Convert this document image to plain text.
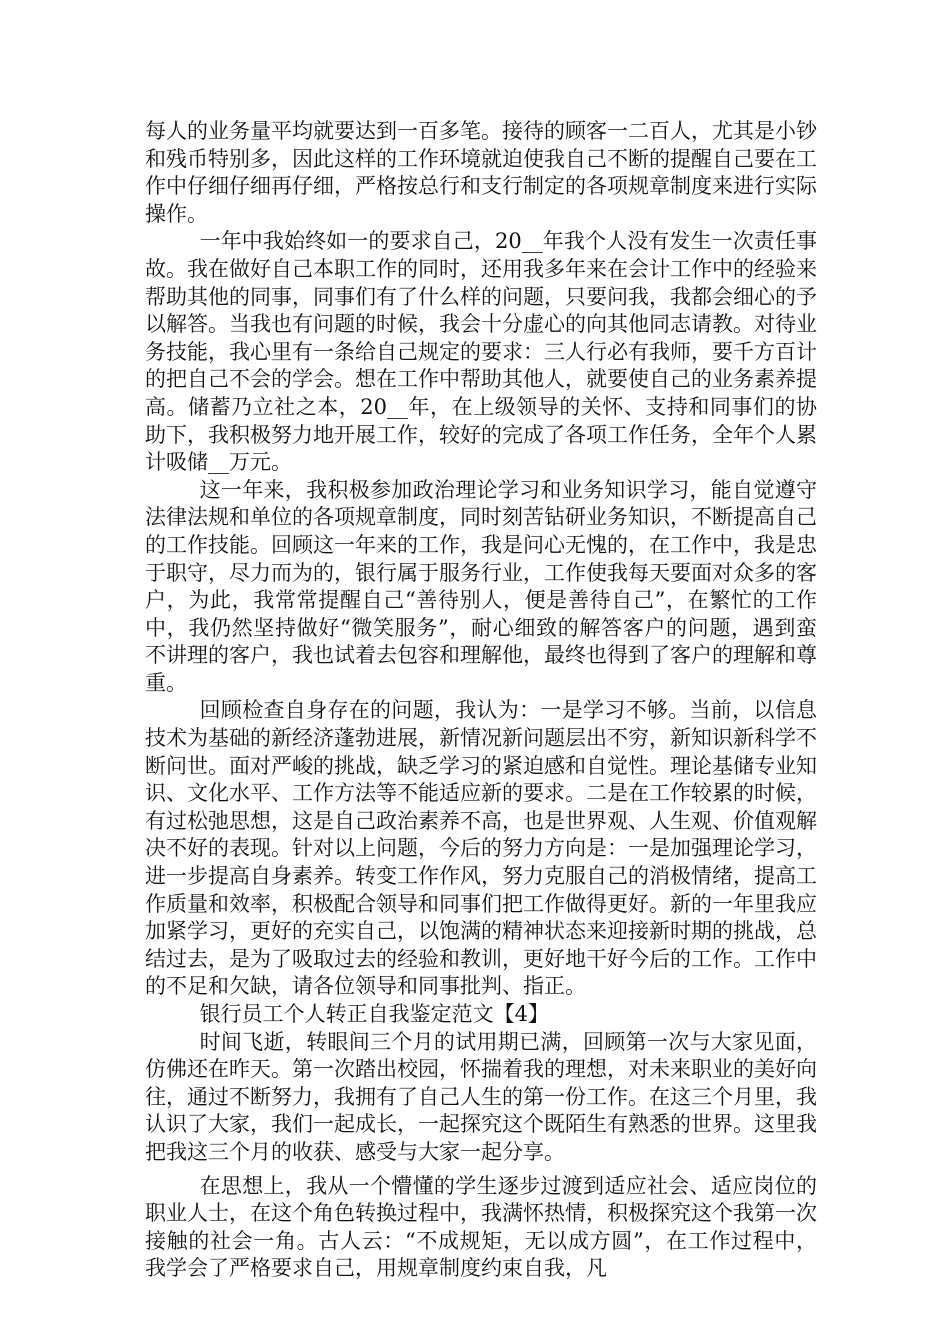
每人的业务量平均就要达到一百多笔。接待的顾客一二百人，尤其是小钞和残币特别多，因此这样的工作环境就迫使我自己不断的提醒自己要在工作中仔细仔细再仔细，严格按总行和支行制定的各项规章制度来进行实际操作。

一年中我始终如一的要求自己，20__年我个人没有发生一次责任事故。我在做好自己本职工作的同时，还用我多年来在会计工作中的经验来帮助其他的同事，同事们有了什么样的问题，只要问我，我都会细心的予以解答。当我也有问题的时候，我会十分虚心的向其他同志请教。对待业务技能，我心里有一条给自己规定的要求：三人行必有我师，要千方百计的把自己不会的学会。想在工作中帮助其他人，就要使自己的业务素养提高。储蓄乃立社之本，20__年，在上级领导的关怀、支持和同事们的协助下，我积极努力地开展工作，较好的完成了各项工作任务，全年个人累计吸储__万元。

这一年来，我积极参加政治理论学习和业务知识学习，能自觉遵守法律法规和单位的各项规章制度，同时刻苦钻研业务知识，不断提高自己的工作技能。回顾这一年来的工作，我是问心无愧的，在工作中，我是忠于职守，尽力而为的，银行属于服务行业，工作使我每天要面对众多的客户，为此，我常常提醒自己“善待别人，便是善待自己”，在繁忙的工作中，我仍然坚持做好“微笑服务”，耐心细致的解答客户的问题，遇到蛮不讲理的客户，我也试着去包容和理解他，最终也得到了客户的理解和尊重。

回顾检查自身存在的问题，我认为：一是学习不够。当前，以信息技术为基础的新经济蓬勃进展，新情况新问题层出不穷，新知识新科学不断问世。面对严峻的挑战，缺乏学习的紧迫感和自觉性。理论基储专业知识、文化水平、工作方法等不能适应新的要求。二是在工作较累的时候，有过松弛思想，这是自己政治素养不高，也是世界观、人生观、价值观解决不好的表现。针对以上问题，今后的努力方向是：一是加强理论学习，进一步提高自身素养。转变工作作风，努力克服自己的消极情绪，提高工作质量和效率，积极配合领导和同事们把工作做得更好。新的一年里我应加紧学习，更好的充实自己，以饱满的精神状态来迎接新时期的挑战，总结过去，是为了吸取过去的经验和教训，更好地干好今后的工作。工作中的不足和欠缺，请各位领导和同事批判、指正。

银行员工个人转正自我鉴定范文【4】

时间飞逝，转眼间三个月的试用期已满，回顾第一次与大家见面，仿佛还在昨天。第一次踏出校园，怀揣着我的理想，对未来职业的美好向往，通过不断努力，我拥有了自己人生的第一份工作。在这三个月里，我认识了大家，我们一起成长，一起探究这个既陌生有熟悉的世界。这里我把我这三个月的收获、感受与大家一起分享。

在思想上，我从一个懵懂的学生逐步过渡到适应社会、适应岗位的职业人士，在这个角色转换过程中，我满怀热情，积极探究这个我第一次接触的社会一角。古人云：“不成规矩，无以成方圆”，在工作过程中，我学会了严格要求自己，用规章制度约束自我，凡
